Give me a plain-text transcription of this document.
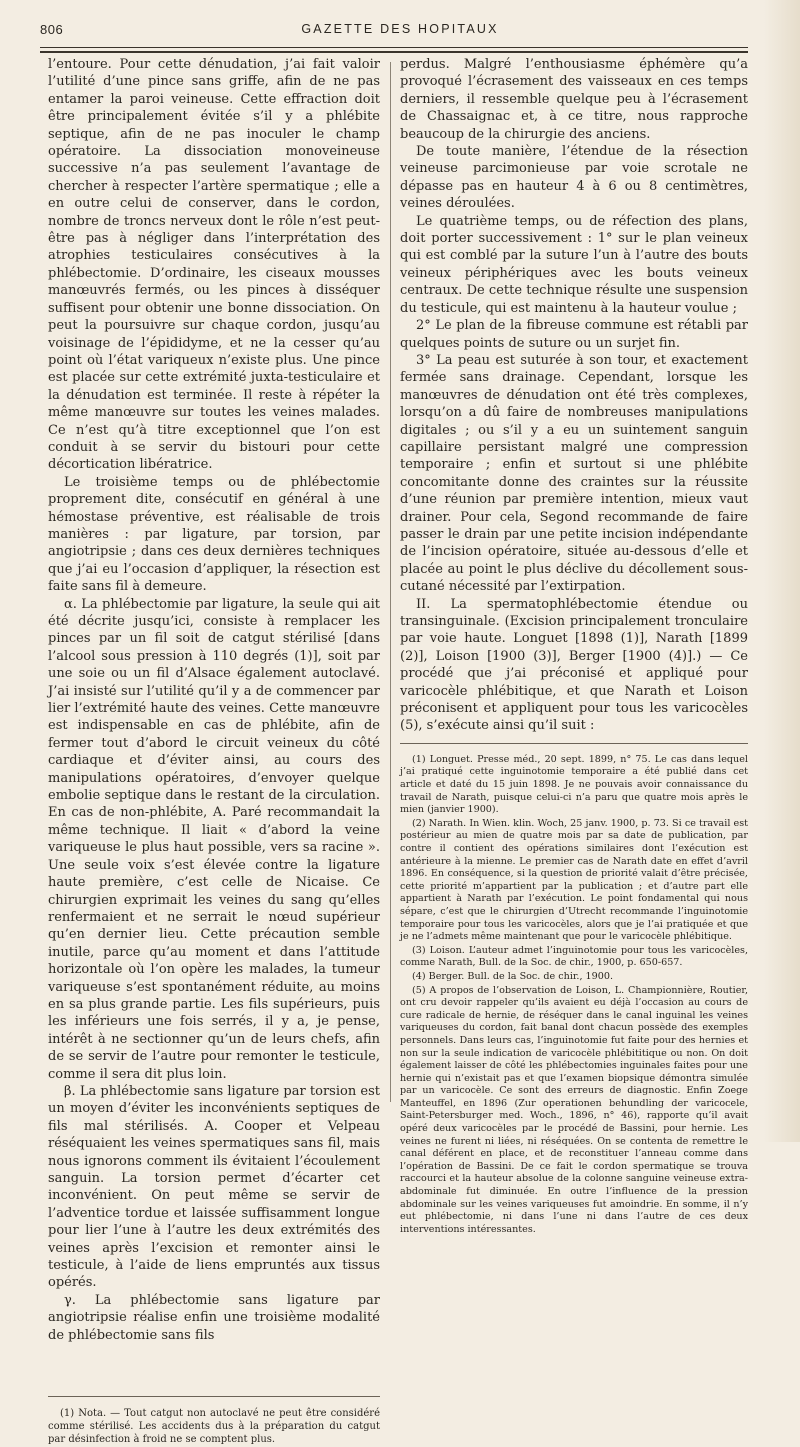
806	GAZETTE DES HOPITAUX

l’entoure. Pour cette dénudation, j’ai fait valoir l’utilité d’une pince sans griffe, afin de ne pas entamer la paroi veineuse. Cette effraction doit être principalement évitée s’il y a phlébite septique, afin de ne pas inoculer le champ opératoire. La dissociation monoveineuse successive n’a pas seulement l’avantage de chercher à respecter l’artère spermatique ; elle a en outre celui de conserver, dans le cordon, nombre de troncs nerveux dont le rôle n’est peut-être pas à négliger dans l’interprétation des atrophies testiculaires consécutives à la phlébectomie. D’ordinaire, les ciseaux mousses manœuvrés fermés, ou les pinces à disséquer suffisent pour obtenir une bonne dissociation. On peut la poursuivre sur chaque cordon, jusqu’au voisinage de l’épididyme, et ne la cesser qu’au point où l’état variqueux n’existe plus. Une pince est placée sur cette extrémité juxta-testiculaire et la dénudation est terminée. Il reste à répéter la même manœuvre sur toutes les veines malades. Ce n’est qu’à titre exceptionnel que l’on est conduit à se servir du bistouri pour cette décortication libératrice.

Le troisième temps ou de phlébectomie proprement dite, consécutif en général à une hémostase préventive, est réalisable de trois manières : par ligature, par torsion, par angiotripsie ; dans ces deux dernières techniques que j’ai eu l’occasion d’appliquer, la résection est faite sans fil à demeure.

α. La phlébectomie par ligature, la seule qui ait été décrite jusqu’ici, consiste à remplacer les pinces par un fil soit de catgut stérilisé [dans l’alcool sous pression à 110 degrés (1)], soit par une soie ou un fil d’Alsace également autoclavé. J’ai insisté sur l’utilité qu’il y a de commencer par lier l’extrémité haute des veines. Cette manœuvre est indispensable en cas de phlébite, afin de fermer tout d’abord le circuit veineux du côté cardiaque et d’éviter ainsi, au cours des manipulations opératoires, d’envoyer quelque embolie septique dans le restant de la circulation. En cas de non-phlébite, A. Paré recommandait la même technique. Il liait « d’abord la veine variqueuse le plus haut possible, vers sa racine ». Une seule voix s’est élevée contre la ligature haute première, c’est celle de Nicaise. Ce chirurgien exprimait les veines du sang qu’elles renfermaient et ne serrait le nœud supérieur qu’en dernier lieu. Cette précaution semble inutile, parce qu’au moment et dans l’attitude horizontale où l’on opère les malades, la tumeur variqueuse s’est spontanément réduite, au moins en sa plus grande partie. Les fils supérieurs, puis les inférieurs une fois serrés, il y a, je pense, intérêt à ne sectionner qu’un de leurs chefs, afin de se servir de l’autre pour remonter le testicule, comme il sera dit plus loin.

β. La phlébectomie sans ligature par torsion est un moyen d’éviter les inconvénients septiques de fils mal stérilisés. A. Cooper et Velpeau réséquaient les veines spermatiques sans fil, mais nous ignorons comment ils évitaient l’écoulement sanguin. La torsion permet d’écarter cet inconvénient. On peut même se servir de l’adventice tordue et laissée suffisamment longue pour lier l’une à l’autre les deux extrémités des veines après l’excision et remonter ainsi le testicule, à l’aide de liens empruntés aux tissus opérés.

γ. La phlébectomie sans ligature par angiotripsie réalise enfin une troisième modalité de phlébectomie sans fils

(1) Nota. — Tout catgut non autoclavé ne peut être considéré comme stérilisé. Les accidents dus à la préparation du catgut par désinfection à froid ne se comptent plus.

perdus. Malgré l’enthousiasme éphémère qu’a provoqué l’écrasement des vaisseaux en ces temps derniers, il ressemble quelque peu à l’écrasement de Chassaignac et, à ce titre, nous rapproche beaucoup de la chirurgie des anciens.

De toute manière, l’étendue de la résection veineuse parcimonieuse par voie scrotale ne dépasse pas en hauteur 4 à 6 ou 8 centimètres, veines déroulées.

Le quatrième temps, ou de réfection des plans, doit porter successivement : 1° sur le plan veineux qui est comblé par la suture l’un à l’autre des bouts veineux périphériques avec les bouts veineux centraux. De cette technique résulte une suspension du testicule, qui est maintenu à la hauteur voulue ;

2° Le plan de la fibreuse commune est rétabli par quelques points de suture ou un surjet fin.

3° La peau est suturée à son tour, et exactement fermée sans drainage. Cependant, lorsque les manœuvres de dénudation ont été très complexes, lorsqu’on a dû faire de nombreuses manipulations digitales ; ou s’il y a eu un suintement sanguin capillaire persistant malgré une compression temporaire ; enfin et surtout si une phlébite concomitante donne des craintes sur la réussite d’une réunion par première intention, mieux vaut drainer. Pour cela, Segond recommande de faire passer le drain par une petite incision indépendante de l’incision opératoire, située au-dessous d’elle et placée au point le plus déclive du décollement sous-cutané nécessité par l’extirpation.

II. La spermatophlébectomie étendue ou transinguinale. (Excision principalement tronculaire par voie haute. Longuet [1898 (1)], Narath [1899 (2)], Loison [1900 (3)], Berger [1900 (4)].) — Ce procédé que j’ai préconisé et appliqué pour varicocèle phlébitique, et que Narath et Loison préconisent et appliquent pour tous les varicocèles (5), s’exécute ainsi qu’il suit :

(1) Longuet. Presse méd., 20 sept. 1899, n° 75. Le cas dans lequel j’ai pratiqué cette inguinotomie temporaire a été publié dans cet article et daté du 15 juin 1898. Je ne pouvais avoir connaissance du travail de Narath, puisque celui-ci n’a paru que quatre mois après le mien (janvier 1900).

(2) Narath. In Wien. klin. Woch, 25 janv. 1900, p. 73. Si ce travail est postérieur au mien de quatre mois par sa date de publication, par contre il contient des opérations similaires dont l’exécution est antérieure à la mienne. Le premier cas de Narath date en effet d’avril 1896. En conséquence, si la question de priorité valait d’être précisée, cette priorité m’appartient par la publication ; et d’autre part elle appartient à Narath par l’exécution. Le point fondamental qui nous sépare, c’est que le chirurgien d’Utrecht recommande l’inguinotomie temporaire pour tous les varicocèles, alors que je l’ai pratiquée et que je ne l’admets même maintenant que pour le varicocèle phlébitique.

(3) Loison. L’auteur admet l’inguinotomie pour tous les varicocèles, comme Narath, Bull. de la Soc. de chir., 1900, p. 650-657.

(4) Berger. Bull. de la Soc. de chir., 1900.

(5) A propos de l’observation de Loison, L. Championnière, Routier, ont cru devoir rappeler qu’ils avaient eu déjà l’occasion au cours de cure radicale de hernie, de réséquer dans le canal inguinal les veines variqueuses du cordon, fait banal dont chacun possède des exemples personnels. Dans leurs cas, l’inguinotomie fut faite pour des hernies et non sur la seule indication de varicocèle phlébititique ou non. On doit également laisser de côté les phlébectomies inguinales faites pour une hernie qui n’existait pas et que l’examen biopsique démontra simulée par un varicocèle. Ce sont des erreurs de diagnostic. Enfin Zoege Manteuffel, en 1896 (Zur operationen behundling der varicocele, Saint-Petersburger med. Woch., 1896, n° 46), rapporte qu’il avait opéré deux varicocèles par le procédé de Bassini, pour hernie. Les veines ne furent ni liées, ni réséquées. On se contenta de remettre le canal déférent en place, et de reconstituer l’anneau comme dans l’opération de Bassini. De ce fait le cordon spermatique se trouva raccourci et la hauteur absolue de la colonne sanguine veineuse extra-abdominale fut diminuée. En outre l’influence de la pression abdominale sur les veines variqueuses fut amoindrie. En somme, il n’y eut phlébectomie, ni dans l’une ni dans l’autre de ces deux interventions intéressantes.
